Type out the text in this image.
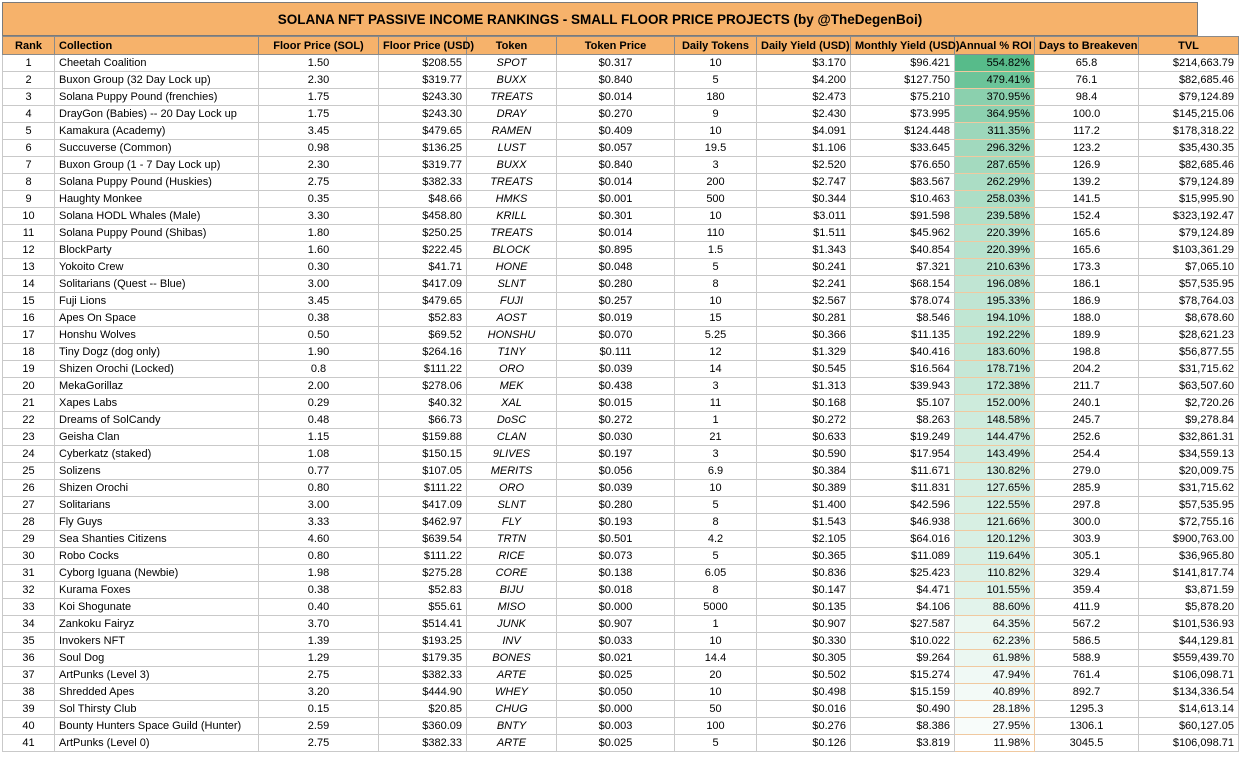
SOLANA NFT PASSIVE INCOME RANKINGS - SMALL FLOOR PRICE PROJECTS (by @TheDegenBoi)
Rank	Collection	Floor Price (SOL)	Floor Price (USD)	Token	Token Price	Daily Tokens	Daily Yield (USD)	Monthly Yield (USD)	Annual % ROI	Days to Breakeven	TVL
1	Cheetah Coalition	1.50	$208.55	SPOT	$0.317	10	$3.170	$96.421	554.82%	65.8	$214,663.79
2	Buxon Group (32 Day Lock up)	2.30	$319.77	BUXX	$0.840	5	$4.200	$127.750	479.41%	76.1	$82,685.46
3	Solana Puppy Pound (frenchies)	1.75	$243.30	TREATS	$0.014	180	$2.473	$75.210	370.95%	98.4	$79,124.89
4	DrayGon (Babies) -- 20 Day Lock up	1.75	$243.30	DRAY	$0.270	9	$2.430	$73.995	364.95%	100.0	$145,215.06
5	Kamakura (Academy)	3.45	$479.65	RAMEN	$0.409	10	$4.091	$124.448	311.35%	117.2	$178,318.22
6	Succuverse (Common)	0.98	$136.25	LUST	$0.057	19.5	$1.106	$33.645	296.32%	123.2	$35,430.35
7	Buxon Group (1 - 7 Day Lock up)	2.30	$319.77	BUXX	$0.840	3	$2.520	$76.650	287.65%	126.9	$82,685.46
8	Solana Puppy Pound (Huskies)	2.75	$382.33	TREATS	$0.014	200	$2.747	$83.567	262.29%	139.2	$79,124.89
9	Haughty Monkee	0.35	$48.66	HMKS	$0.001	500	$0.344	$10.463	258.03%	141.5	$15,995.90
10	Solana HODL Whales (Male)	3.30	$458.80	KRILL	$0.301	10	$3.011	$91.598	239.58%	152.4	$323,192.47
11	Solana Puppy Pound (Shibas)	1.80	$250.25	TREATS	$0.014	110	$1.511	$45.962	220.39%	165.6	$79,124.89
12	BlockParty	1.60	$222.45	BLOCK	$0.895	1.5	$1.343	$40.854	220.39%	165.6	$103,361.29
13	Yokoito Crew	0.30	$41.71	HONE	$0.048	5	$0.241	$7.321	210.63%	173.3	$7,065.10
14	Solitarians (Quest -- Blue)	3.00	$417.09	SLNT	$0.280	8	$2.241	$68.154	196.08%	186.1	$57,535.95
15	Fuji Lions	3.45	$479.65	FUJI	$0.257	10	$2.567	$78.074	195.33%	186.9	$78,764.03
16	Apes On Space	0.38	$52.83	AOST	$0.019	15	$0.281	$8.546	194.10%	188.0	$8,678.60
17	Honshu Wolves	0.50	$69.52	HONSHU	$0.070	5.25	$0.366	$11.135	192.22%	189.9	$28,621.23
18	Tiny Dogz (dog only)	1.90	$264.16	T1NY	$0.111	12	$1.329	$40.416	183.60%	198.8	$56,877.55
19	Shizen Orochi (Locked)	0.8	$111.22	ORO	$0.039	14	$0.545	$16.564	178.71%	204.2	$31,715.62
20	MekaGorillaz	2.00	$278.06	MEK	$0.438	3	$1.313	$39.943	172.38%	211.7	$63,507.60
21	Xapes Labs	0.29	$40.32	XAL	$0.015	11	$0.168	$5.107	152.00%	240.1	$2,720.26
22	Dreams of SolCandy	0.48	$66.73	DoSC	$0.272	1	$0.272	$8.263	148.58%	245.7	$9,278.84
23	Geisha Clan	1.15	$159.88	CLAN	$0.030	21	$0.633	$19.249	144.47%	252.6	$32,861.31
24	Cyberkatz (staked)	1.08	$150.15	9LIVES	$0.197	3	$0.590	$17.954	143.49%	254.4	$34,559.13
25	Solizens	0.77	$107.05	MERITS	$0.056	6.9	$0.384	$11.671	130.82%	279.0	$20,009.75
26	Shizen Orochi	0.80	$111.22	ORO	$0.039	10	$0.389	$11.831	127.65%	285.9	$31,715.62
27	Solitarians	3.00	$417.09	SLNT	$0.280	5	$1.400	$42.596	122.55%	297.8	$57,535.95
28	Fly Guys	3.33	$462.97	FLY	$0.193	8	$1.543	$46.938	121.66%	300.0	$72,755.16
29	Sea Shanties Citizens	4.60	$639.54	TRTN	$0.501	4.2	$2.105	$64.016	120.12%	303.9	$900,763.00
30	Robo Cocks	0.80	$111.22	RICE	$0.073	5	$0.365	$11.089	119.64%	305.1	$36,965.80
31	Cyborg Iguana (Newbie)	1.98	$275.28	CORE	$0.138	6.05	$0.836	$25.423	110.82%	329.4	$141,817.74
32	Kurama Foxes	0.38	$52.83	BIJU	$0.018	8	$0.147	$4.471	101.55%	359.4	$3,871.59
33	Koi Shogunate	0.40	$55.61	MISO	$0.000	5000	$0.135	$4.106	88.60%	411.9	$5,878.20
34	Zankoku Fairyz	3.70	$514.41	JUNK	$0.907	1	$0.907	$27.587	64.35%	567.2	$101,536.93
35	Invokers NFT	1.39	$193.25	INV	$0.033	10	$0.330	$10.022	62.23%	586.5	$44,129.81
36	Soul Dog	1.29	$179.35	BONES	$0.021	14.4	$0.305	$9.264	61.98%	588.9	$559,439.70
37	ArtPunks (Level 3)	2.75	$382.33	ARTE	$0.025	20	$0.502	$15.274	47.94%	761.4	$106,098.71
38	Shredded Apes	3.20	$444.90	WHEY	$0.050	10	$0.498	$15.159	40.89%	892.7	$134,336.54
39	Sol Thirsty Club	0.15	$20.85	CHUG	$0.000	50	$0.016	$0.490	28.18%	1295.3	$14,613.14
40	Bounty Hunters Space Guild (Hunter)	2.59	$360.09	BNTY	$0.003	100	$0.276	$8.386	27.95%	1306.1	$60,127.05
41	ArtPunks (Level 0)	2.75	$382.33	ARTE	$0.025	5	$0.126	$3.819	11.98%	3045.5	$106,098.71
